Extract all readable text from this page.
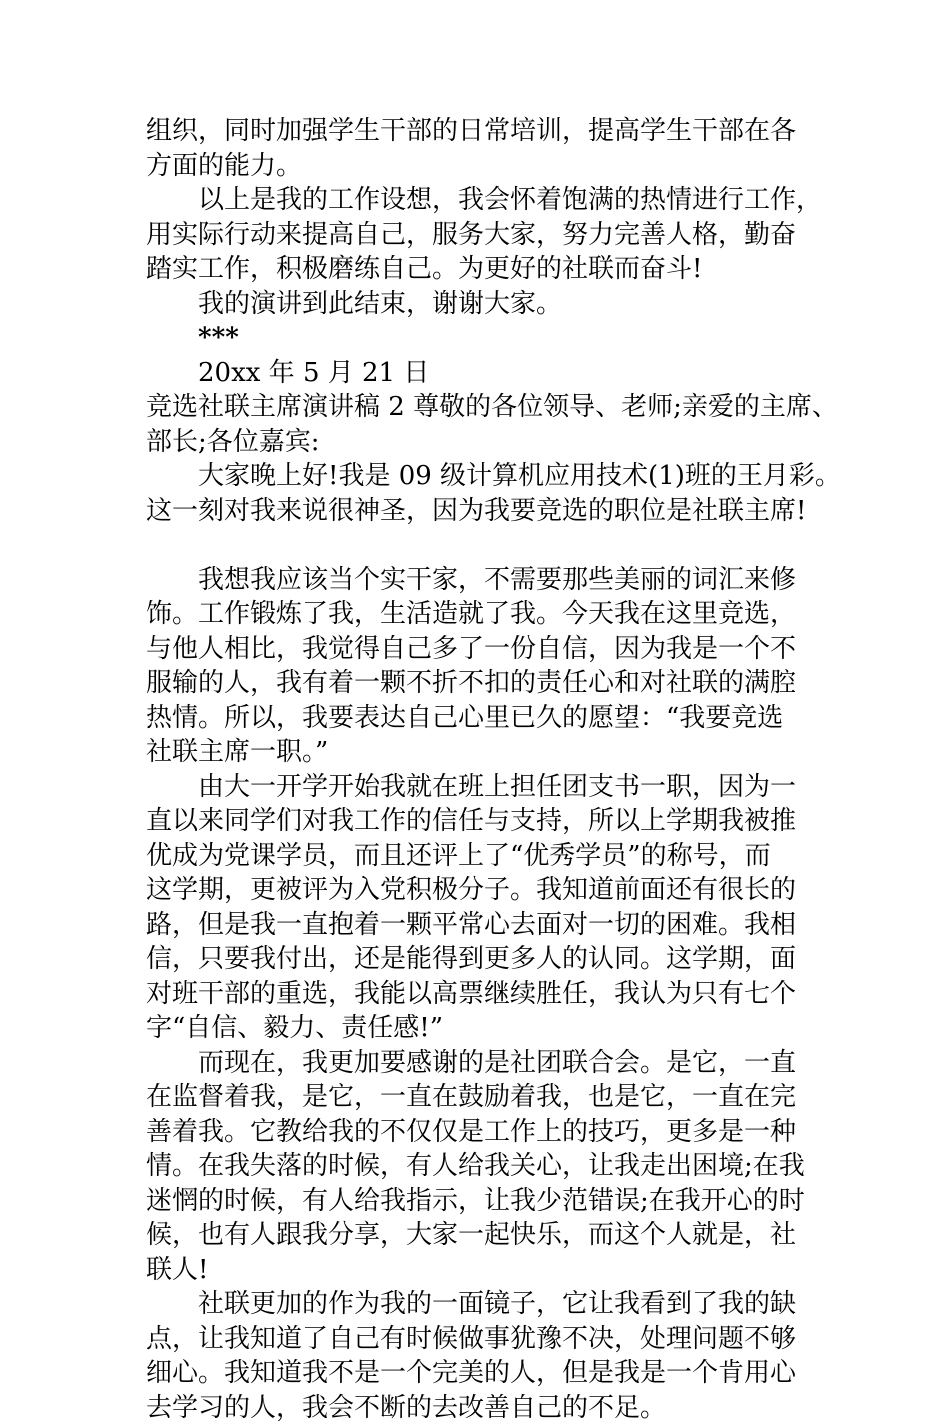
组织，同时加强学生干部的日常培训，提高学生干部在各
方面的能力。
以上是我的工作设想，我会怀着饱满的热情进行工作，
用实际行动来提高自己，服务大家，努力完善人格，勤奋
踏实工作，积极磨练自己。为更好的社联而奋斗!
我的演讲到此结束，谢谢大家。
***
20xx 年 5 月 21 日
竞选社联主席演讲稿 2 尊敬的各位领导、老师;亲爱的主席、
部长;各位嘉宾:
大家晚上好!我是 09 级计算机应用技术(1)班的王月彩。
这一刻对我来说很神圣，因为我要竞选的职位是社联主席!
我想我应该当个实干家，不需要那些美丽的词汇来修
饰。工作锻炼了我，生活造就了我。今天我在这里竞选，
与他人相比，我觉得自己多了一份自信，因为我是一个不
服输的人，我有着一颗不折不扣的责任心和对社联的满腔
热情。所以，我要表达自己心里已久的愿望：“我要竞选
社联主席一职。”
由大一开学开始我就在班上担任团支书一职，因为一
直以来同学们对我工作的信任与支持，所以上学期我被推
优成为党课学员，而且还评上了“优秀学员”的称号，而
这学期，更被评为入党积极分子。我知道前面还有很长的
路，但是我一直抱着一颗平常心去面对一切的困难。我相
信，只要我付出，还是能得到更多人的认同。这学期，面
对班干部的重选，我能以高票继续胜任，我认为只有七个
字“自信、毅力、责任感!”
而现在，我更加要感谢的是社团联合会。是它，一直
在监督着我，是它，一直在鼓励着我，也是它，一直在完
善着我。它教给我的不仅仅是工作上的技巧，更多是一种
情。在我失落的时候，有人给我关心，让我走出困境;在我
迷惘的时候，有人给我指示，让我少范错误;在我开心的时
候，也有人跟我分享，大家一起快乐，而这个人就是，社
联人!
社联更加的作为我的一面镜子，它让我看到了我的缺
点，让我知道了自己有时候做事犹豫不决，处理问题不够
细心。我知道我不是一个完美的人，但是我是一个肯用心
去学习的人，我会不断的去改善自己的不足。
